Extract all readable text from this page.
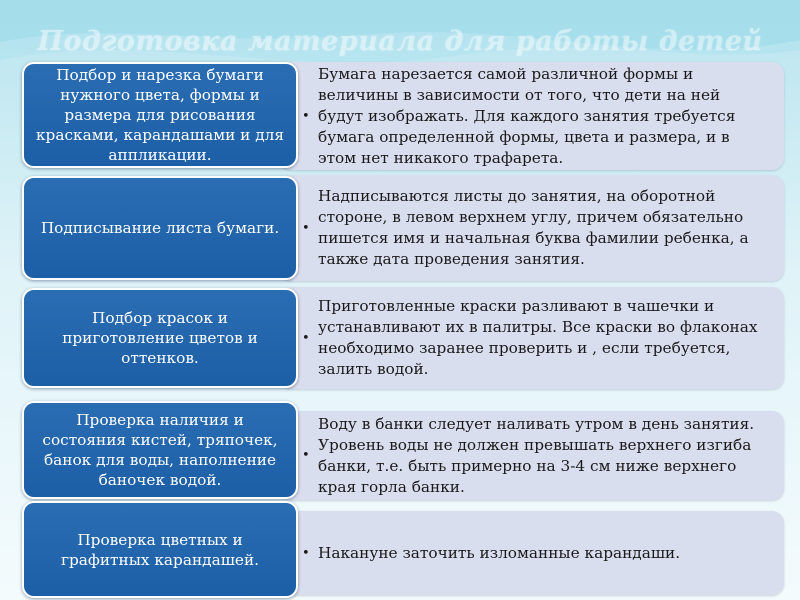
Подготовка материала для работы детей
•
Бумага нарезается самой различной формы и величины в зависимости от того, что дети на ней будут изображать. Для каждого занятия требуется бумага определенной формы, цвета и размера, и в этом нет никакого трафарета.
Подбор и нарезка бумаги нужного цвета, формы и размера для рисования красками, карандашами и для аппликации.
•
Надписываются листы до занятия, на оборотной стороне, в левом верхнем углу, причем обязательно пишется имя и начальная буква фамилии ребенка, а также дата проведения занятия.
Подписывание листа бумаги.
•
Приготовленные краски разливают в чашечки и устанавливают их в палитры. Все краски во флаконах необходимо заранее проверить и , если требуется, залить водой.
Подбор красок и приготовление цветов и оттенков.
•
Воду в банки следует наливать утром в день занятия. Уровень воды не должен превышать верхнего изгиба банки, т.е. быть примерно на 3-4 см ниже верхнего края горла банки.
Проверка наличия и состояния кистей, тряпочек, банок для воды, наполнение баночек водой.
• Накануне заточить изломанные карандаши.
Проверка цветных и графитных карандашей.
